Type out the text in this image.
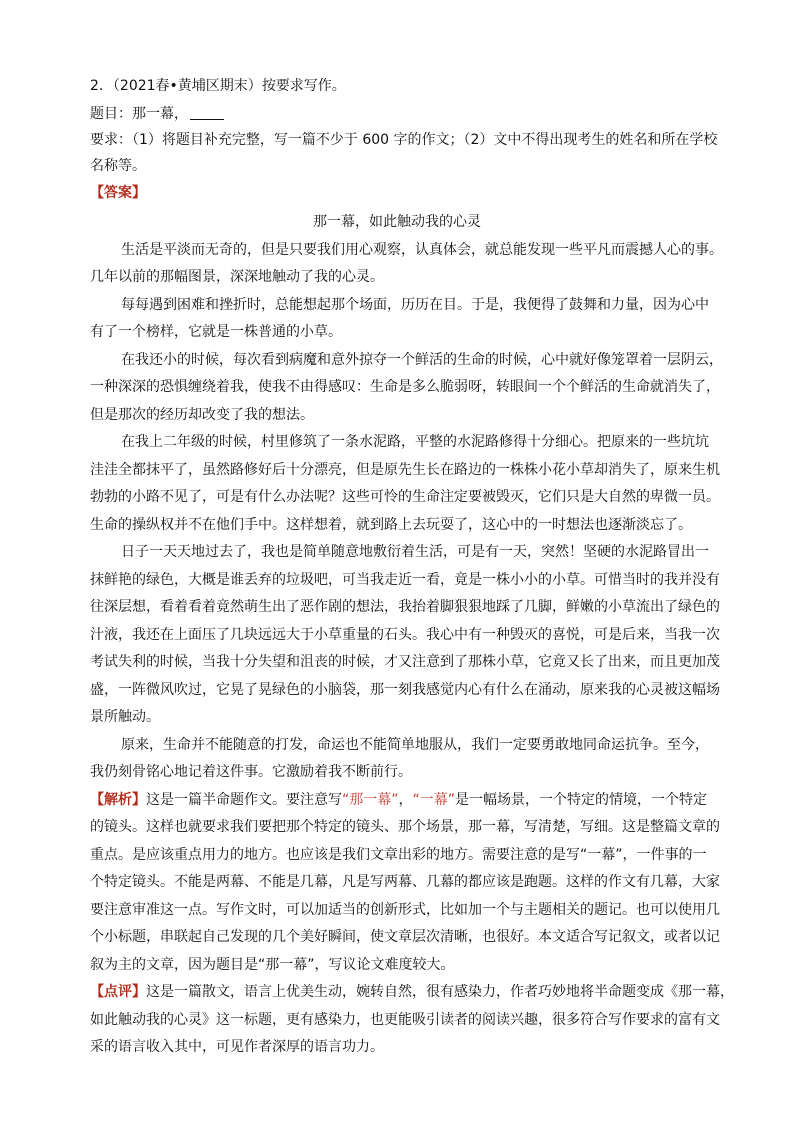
2．（2021春•黄埔区期末）按要求写作。
题目：那一幕，
要求：（1）将题目补充完整，写一篇不少于 600 字的作文；（2）文中不得出现考生的姓名和所在学校
名称等。
【答案】
那一幕，如此触动我的心灵
生活是平淡而无奇的，但是只要我们用心观察，认真体会，就总能发现一些平凡而震撼人心的事。
几年以前的那幅图景，深深地触动了我的心灵。
每每遇到困难和挫折时，总能想起那个场面，历历在目。于是，我便得了鼓舞和力量，因为心中
有了一个榜样，它就是一株普通的小草。
在我还小的时候，每次看到病魔和意外掠夺一个鲜活的生命的时候，心中就好像笼罩着一层阴云，
一种深深的恐惧缠绕着我，使我不由得感叹：生命是多么脆弱呀，转眼间一个个鲜活的生命就消失了，
但是那次的经历却改变了我的想法。
在我上二年级的时候，村里修筑了一条水泥路，平整的水泥路修得十分细心。把原来的一些坑坑
洼洼全都抹平了，虽然路修好后十分漂亮，但是原先生长在路边的一株株小花小草却消失了，原来生机
勃勃的小路不见了，可是有什么办法呢？这些可怜的生命注定要被毁灭，它们只是大自然的卑微一员。
生命的操纵权并不在他们手中。这样想着，就到路上去玩耍了，这心中的一时想法也逐渐淡忘了。
日子一天天地过去了，我也是简单随意地敷衍着生活，可是有一天，突然！坚硬的水泥路冒出一
抹鲜艳的绿色，大概是谁丢弃的垃圾吧，可当我走近一看，竟是一株小小的小草。可惜当时的我并没有
往深层想，看着看着竟然萌生出了恶作剧的想法，我抬着脚狠狠地踩了几脚，鲜嫩的小草流出了绿色的
汁液，我还在上面压了几块远远大于小草重量的石头。我心中有一种毁灭的喜悦，可是后来，当我一次
考试失利的时候，当我十分失望和沮丧的时候，才又注意到了那株小草，它竟又长了出来，而且更加茂
盛，一阵微风吹过，它晃了晃绿色的小脑袋，那一刻我感觉内心有什么在涌动，原来我的心灵被这幅场
景所触动。
原来，生命并不能随意的打发，命运也不能简单地服从，我们一定要勇敢地同命运抗争。至今，
我仍刻骨铭心地记着这件事。它激励着我不断前行。
【解析】这是一篇半命题作文。要注意写“那一幕”，“一幕”是一幅场景，一个特定的情境，一个特定
的镜头。这样也就要求我们要把那个特定的镜头、那个场景，那一幕，写清楚，写细。这是整篇文章的
重点。是应该重点用力的地方。也应该是我们文章出彩的地方。需要注意的是写“一幕”，一件事的一
个特定镜头。不能是两幕、不能是几幕，凡是写两幕、几幕的都应该是跑题。这样的作文有几幕，大家
要注意审准这一点。写作文时，可以加适当的创新形式，比如加一个与主题相关的题记。也可以使用几
个小标题，串联起自己发现的几个美好瞬间，使文章层次清晰，也很好。本文适合写记叙文，或者以记
叙为主的文章，因为题目是“那一幕”，写议论文难度较大。
【点评】这是一篇散文，语言上优美生动，婉转自然，很有感染力，作者巧妙地将半命题变成《那一幕，
如此触动我的心灵》这一标题，更有感染力，也更能吸引读者的阅读兴趣，很多符合写作要求的富有文
采的语言收入其中，可见作者深厚的语言功力。
